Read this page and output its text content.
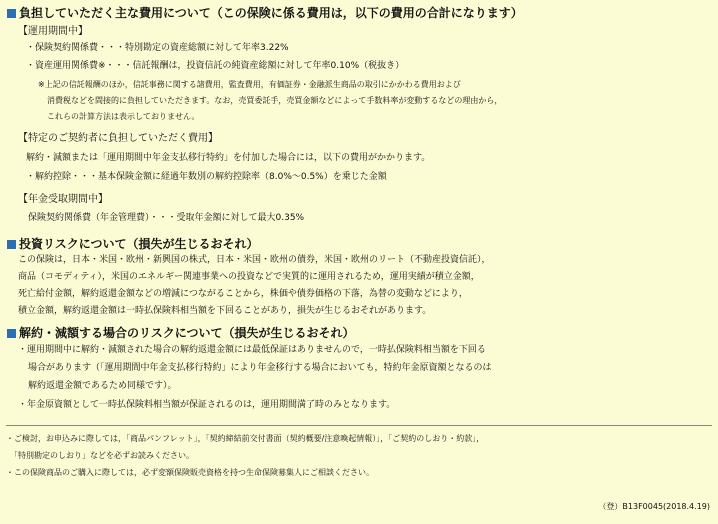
負担していただく主な費用について（この保険に係る費用は，以下の費用の合計になります）
【運用期間中】
・保険契約関係費・・・特別勘定の資産総額に対して年率3.22%
・資産運用関係費※・・・信託報酬は，投資信託の純資産総額に対して年率0.10%（税抜き）
※上記の信託報酬のほか，信託事務に関する諸費用，監査費用，有価証券・金融派生商品の取引にかかわる費用および
消費税などを間接的に負担していただきます。なお，売買委託手，売買金額などによって手数料率が変動するなどの理由から，
これらの計算方法は表示しておりません。
【特定のご契約者に負担していただく費用】
解約・減額または「運用期間中年金支払移行特約」を付加した場合には，以下の費用がかかります。
・解約控除・・・基本保険金額に経過年数別の解約控除率（8.0%〜0.5%）を乗じた金額
【年金受取期間中】
保険契約関係費（年金管理費）・・・受取年金額に対して最大0.35%
投資リスクについて（損失が生じるおそれ）
この保険は，日本・米国・欧州・新興国の株式，日本・米国・欧州の債券，米国・欧州のリート（不動産投資信託），
商品（コモディティ），米国のエネルギー関連事業への投資などで実質的に運用されるため，運用実績が積立金額，
死亡給付金額，解約返還金額などの増減につながることから，株価や債券価格の下落，為替の変動などにより，
積立金額，解約返還金額は一時払保険料相当額を下回ることがあり，損失が生じるおそれがあります。
解約・減額する場合のリスクについて（損失が生じるおそれ）
・運用期間中に解約・減額された場合の解約返還金額には最低保証はありませんので，一時払保険料相当額を下回る
場合があります（「運用期間中年金支払移行特約」により年金移行する場合においても，特約年金原資額となるのは
解約返還金額であるため同様です）。
・年金原資額として一時払保険料相当額が保証されるのは，運用期間満了時のみとなります。
・ご検討，お申込みに際しては，「商品パンフレット」，「契約締結前交付書面（契約概要/注意喚起情報）」，「ご契約のしおり・約款」，
「特別勘定のしおり」などを必ずお読みください。
・この保険商品のご購入に際しては，必ず変額保険販売資格を持つ生命保険募集人にご相談ください。
（登）B13F0045(2018.4.19)
